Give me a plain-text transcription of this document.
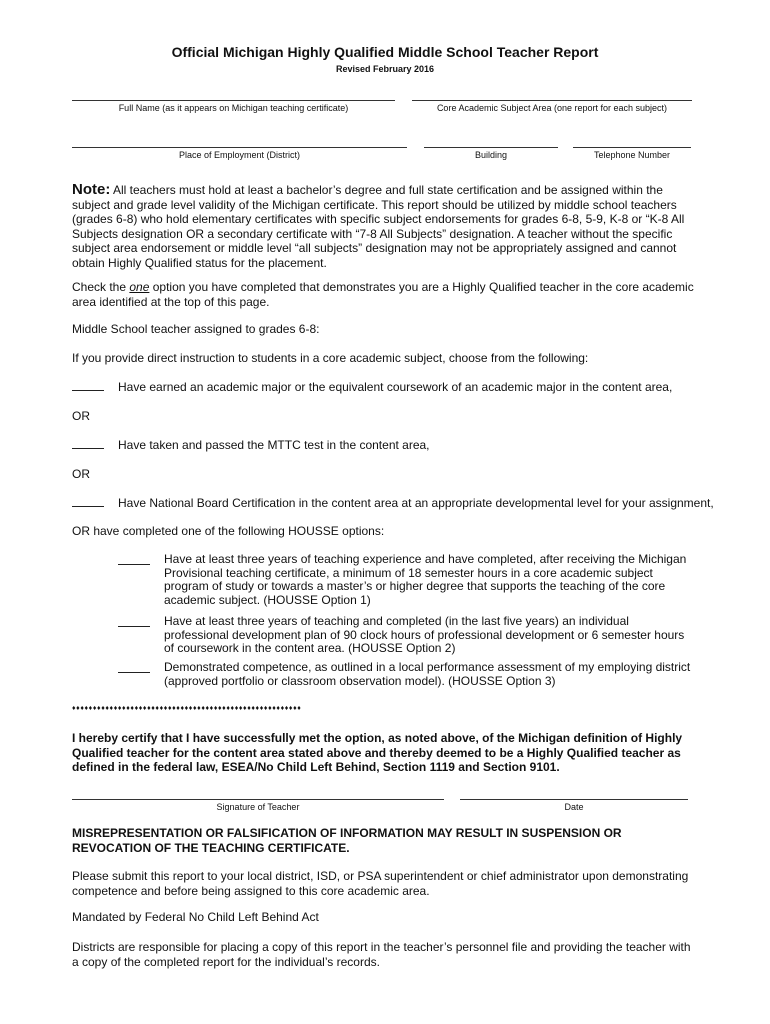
Official Michigan Highly Qualified Middle School Teacher Report
Revised February 2016
Full Name (as it appears on Michigan teaching certificate)	Core Academic Subject Area (one report for each subject)
Place of Employment (District)	Building	Telephone Number
Note: All teachers must hold at least a bachelor’s degree and full state certification and be assigned within the subject and grade level validity of the Michigan certificate. This report should be utilized by middle school teachers (grades 6-8) who hold elementary certificates with specific subject endorsements for grades 6-8, 5-9, K-8 or “K-8 All Subjects designation OR a secondary certificate with “7-8 All Subjects” designation. A teacher without the specific subject area endorsement or middle level “all subjects” designation may not be appropriately assigned and cannot obtain Highly Qualified status for the placement.
Check the one option you have completed that demonstrates you are a Highly Qualified teacher in the core academic area identified at the top of this page.
Middle School teacher assigned to grades 6-8:
If you provide direct instruction to students in a core academic subject, choose from the following:
Have earned an academic major or the equivalent coursework of an academic major in the content area,
OR
Have taken and passed the MTTC test in the content area,
OR
Have National Board Certification in the content area at an appropriate developmental level for your assignment,
OR have completed one of the following HOUSSE options:
Have at least three years of teaching experience and have completed, after receiving the Michigan Provisional teaching certificate, a minimum of 18 semester hours in a core academic subject program of study or towards a master’s or higher degree that supports the teaching of the core academic subject. (HOUSSE Option 1)
Have at least three years of teaching and completed (in the last five years) an individual professional development plan of 90 clock hours of professional development or 6 semester hours of coursework in the content area. (HOUSSE Option 2)
Demonstrated competence, as outlined in a local performance assessment of my employing district (approved portfolio or classroom observation model). (HOUSSE Option 3)
♦♦♦♦♦♦♦♦♦♦♦♦♦♦♦♦♦♦♦♦♦♦♦♦♦♦♦♦♦♦♦♦♦♦♦♦♦♦♦♦♦♦♦♦♦♦♦♦♦♦♦♦♦♦♦
I hereby certify that I have successfully met the option, as noted above, of the Michigan definition of Highly Qualified teacher for the content area stated above and thereby deemed to be a Highly Qualified teacher as defined in the federal law, ESEA/No Child Left Behind, Section 1119 and Section 9101.
Signature of Teacher	Date
MISREPRESENTATION OR FALSIFICATION OF INFORMATION MAY RESULT IN SUSPENSION OR REVOCATION OF THE TEACHING CERTIFICATE.
Please submit this report to your local district, ISD, or PSA superintendent or chief administrator upon demonstrating competence and before being assigned to this core academic area.
Mandated by Federal No Child Left Behind Act
Districts are responsible for placing a copy of this report in the teacher’s personnel file and providing the teacher with a copy of the completed report for the individual’s records.
